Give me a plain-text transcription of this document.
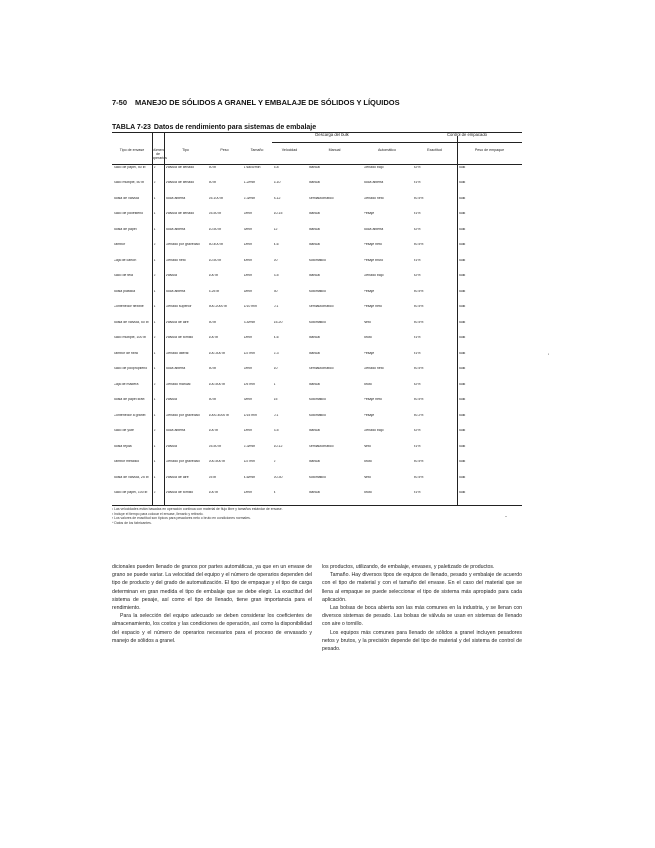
7-50 MANEJO DE SÓLIDOS A GRANEL Y EMBALAJE DE SÓLIDOS Y LÍQUIDOS
TABLA 7-23 Datos de rendimiento para sistemas de embalaje
Descarga del bulk	Control de empacado
Tipo de envase	Número de operarios
Tipo	Peso	Tamaño	Velocidad	Manual	Automático	Exactitud	Peso de empaque
Saco de papel, 50 lb	2	Válvula de llenado	50 lb	1 saco/min	5-8	Manual	Llenado bajo	±2%	Bulk
Saco múltiple, 50 lb	2	Válvula de llenado	50 lb	1-2/min	6-10	Manual	Boca abierta	±1%	Bulk
Bolsa de válvula	1	Boca abierta	25-100 lb	2-3/min	8-12	Semiautomático	Llenado neto	±0.5%	Bulk
Saco de polietileno	1	Válvula de llenado	25-50 lb	2/min	10-15	Manual	Pesaje	±1%	Bulk
Bolsa de papel	1	Boca abierta	10-50 lb	3/min	12	Manual	Boca abierta	±2%	Bulk
Tambor	2	Llenado por gravedad	50-400 lb	1/min	4-6	Manual	Pesaje neto	±0.5%	Bulk
Caja de cartón	1	Llenado neto	10-50 lb	4/min	20	Automático	Pesaje bruto	±1%	Bulk
Saco de tela	2	Válvula	100 lb	1/min	3-5	Manual	Llenado bajo	±2%	Bulk
Bolsa plástica	1	Boca abierta	5-25 lb	6/min	30	Automático	Pesaje	±0.5%	Bulk
Contenedor flexible	1	Llenado superior	500-2000 lb	1/10 min	0.1	Semiautomático	Pesaje neto	±0.5%	Bulk
Bolsa de válvula, 50 lb	1	Válvula de aire	50 lb	3-4/min	15-20	Automático	Neto	±0.5%	Bulk
Saco múltiple, 100 lb	2	Válvula de tornillo	100 lb	1/min	4-6	Manual	Bruto	±1%	Bulk
Tambor de fibra	1	Llenado lateral	100-300 lb	1/2 min	2-3	Manual	Pesaje	±1%	Bulk
Saco de polipropileno	1	Boca abierta	50 lb	2/min	10	Semiautomático	Llenado neto	±0.5%	Bulk
Caja de madera	2	Llenado manual	100-500 lb	1/5 min	1	Manual	Bruto	±2%	Bulk
Bolsa de papel kraft	1	Válvula	50 lb	3/min	15	Automático	Pesaje neto	±0.5%	Bulk
Contenedor a granel	1	Llenado por gravedad	1000-4000 lb	1/15 min	0.1	Automático	Pesaje	±0.2%	Bulk
Saco de yute	2	Boca abierta	100 lb	1/min	3-5	Manual	Llenado bajo	±2%	Bulk
Bolsa tejida	1	Válvula	25-50 lb	2-3/min	10-12	Semiautomático	Neto	±1%	Bulk
Tambor metálico	1	Llenado por gravedad	200-500 lb	1/2 min	2	Manual	Bruto	±0.5%	Bulk
Bolsa de válvula, 25 lb	1	Válvula de aire	25 lb	4-6/min	20-30	Automático	Neto	±0.5%	Bulk
Saco de papel, 100 lb	2	Válvula de tornillo	100 lb	1/min	4	Manual	Bruto	±1%	Bulk
¹ Las velocidades están basadas en operación continua con material de flujo libre y tamaños estándar de envase.
² Incluye el tiempo para colocar el envase, llenarlo y retirarlo.
³ Los valores de exactitud son típicos para pesadores neto o bruto en condiciones normales.
⁴ Datos de los fabricantes.

dicionales pueden llenado de granos por partes automáticas, ya que en un envase de grano se puede variar. La velocidad del equipo y el número de operarios dependen del tipo de producto y del grado de automatización. El tipo de empaque y el tipo de carga determinan en gran medida el tipo de embalaje que se debe elegir. La exactitud del sistema de pesaje, así como el tipo de llenado, tiene gran importancia para el rendimiento.

Para la selección del equipo adecuado se deben considerar los coeficientes de almacenamiento, los costos y las condiciones de operación, así como la disponibilidad del espacio y el número de operarios necesarios para el proceso de envasado y manejo de sólidos a granel.

los productos, utilizando, de embalaje, envases, y paletizado de productos.

Tamaño. Hay diversos tipos de equipos de llenado, pesado y embalaje de acuerdo con el tipo de material y con el tamaño del envase. En el caso del material que se llena al empaque se puede seleccionar el tipo de sistema más apropiado para cada aplicación.

Las bolsas de boca abierta son las más comunes en la industria, y se llenan con diversos sistemas de pesado. Las bolsas de válvula se usan en sistemas de llenado con aire o tornillo.

Los equipos más comunes para llenado de sólidos a granel incluyen pesadores netos y brutos, y la precisión depende del tipo de material y del sistema de control de pesado.

-
'
